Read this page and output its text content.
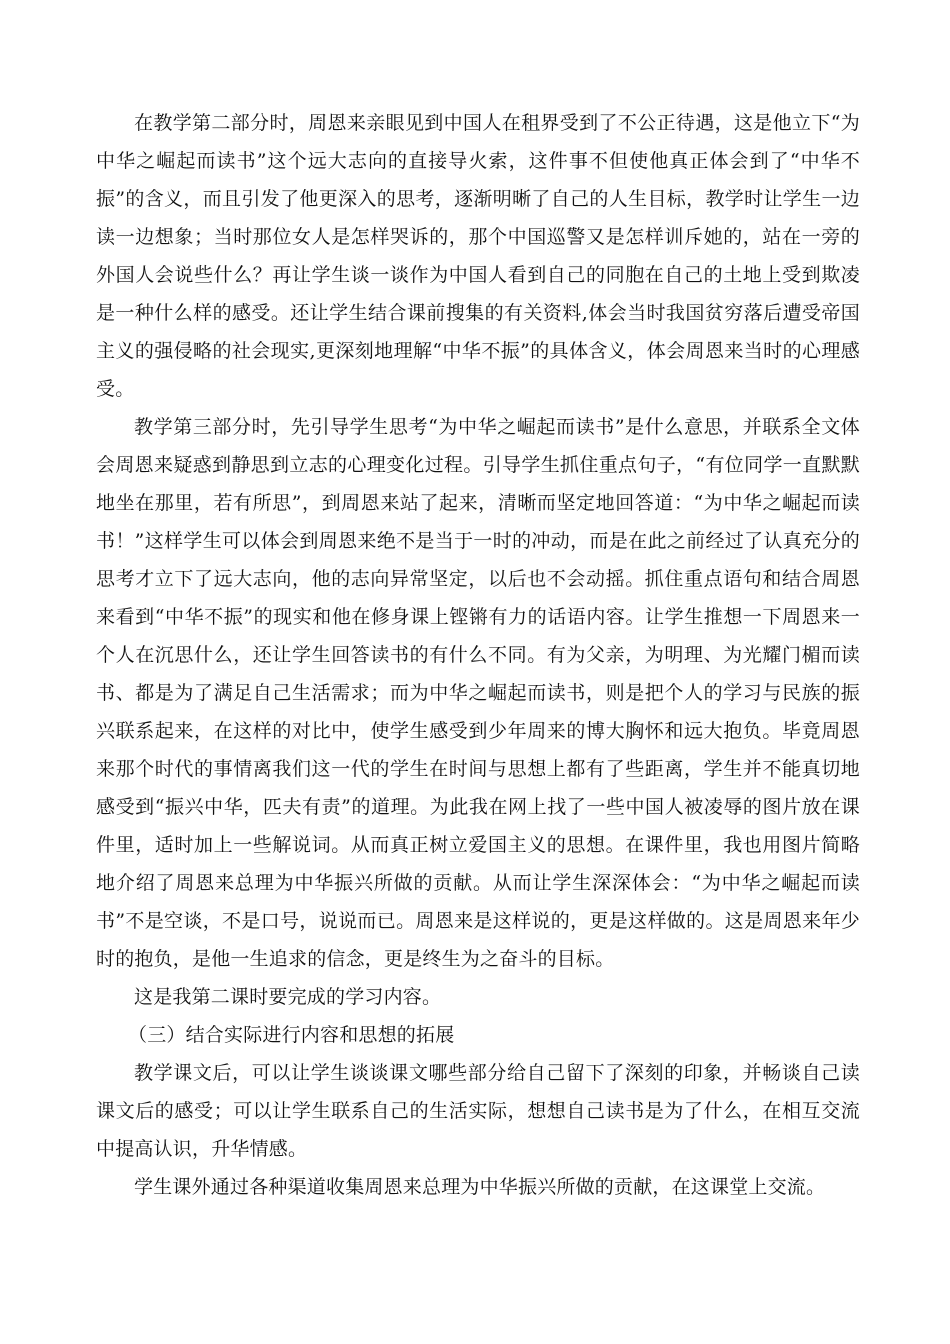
在教学第二部分时，周恩来亲眼见到中国人在租界受到了不公正待遇，这是他立下“为中华之崛起而读书”这个远大志向的直接导火索，这件事不但使他真正体会到了“中华不振”的含义，而且引发了他更深入的思考，逐渐明晰了自己的人生目标，教学时让学生一边读一边想象；当时那位女人是怎样哭诉的，那个中国巡警又是怎样训斥她的，站在一旁的外国人会说些什么？再让学生谈一谈作为中国人看到自己的同胞在自己的土地上受到欺凌是一种什么样的感受。还让学生结合课前搜集的有关资料,体会当时我国贫穷落后遭受帝国主义的强侵略的社会现实,更深刻地理解“中华不振”的具体含义，体会周恩来当时的心理感受。

教学第三部分时，先引导学生思考“为中华之崛起而读书”是什么意思，并联系全文体会周恩来疑惑到静思到立志的心理变化过程。引导学生抓住重点句子，“有位同学一直默默地坐在那里，若有所思”，到周恩来站了起来，清晰而坚定地回答道：“为中华之崛起而读书！”这样学生可以体会到周恩来绝不是当于一时的冲动，而是在此之前经过了认真充分的思考才立下了远大志向，他的志向异常坚定，以后也不会动摇。抓住重点语句和结合周恩来看到“中华不振”的现实和他在修身课上铿锵有力的话语内容。让学生推想一下周恩来一个人在沉思什么，还让学生回答读书的有什么不同。有为父亲，为明理、为光耀门楣而读书、都是为了满足自己生活需求；而为中华之崛起而读书，则是把个人的学习与民族的振兴联系起来，在这样的对比中，使学生感受到少年周来的博大胸怀和远大抱负。毕竟周恩来那个时代的事情离我们这一代的学生在时间与思想上都有了些距离，学生并不能真切地感受到“振兴中华，匹夫有责”的道理。为此我在网上找了一些中国人被凌辱的图片放在课件里，适时加上一些解说词。从而真正树立爱国主义的思想。在课件里，我也用图片简略地介绍了周恩来总理为中华振兴所做的贡献。从而让学生深深体会：“为中华之崛起而读书”不是空谈，不是口号，说说而已。周恩来是这样说的，更是这样做的。这是周恩来年少时的抱负，是他一生追求的信念，更是终生为之奋斗的目标。

这是我第二课时要完成的学习内容。

（三）结合实际进行内容和思想的拓展

教学课文后，可以让学生谈谈课文哪些部分给自己留下了深刻的印象，并畅谈自己读课文后的感受；可以让学生联系自己的生活实际，想想自己读书是为了什么，在相互交流中提高认识，升华情感。

学生课外通过各种渠道收集周恩来总理为中华振兴所做的贡献，在这课堂上交流。
